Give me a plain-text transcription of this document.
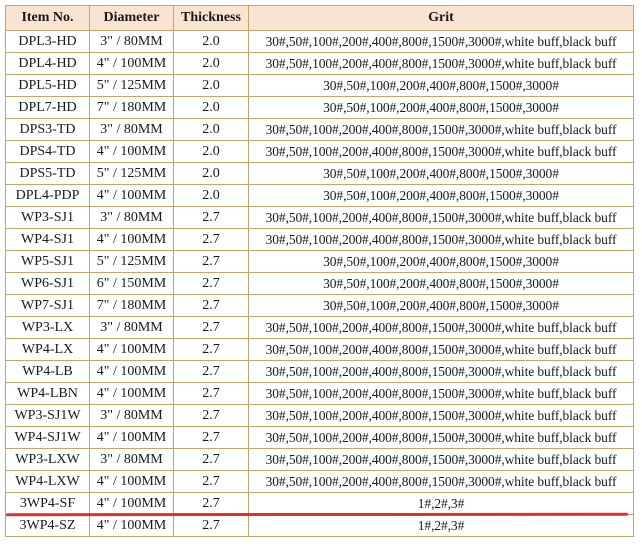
Item No.	Diameter	Thickness	Grit
DPL3-HD	3" / 80MM	2.0	30#,50#,100#,200#,400#,800#,1500#,3000#,white buff,black buff
DPL4-HD	4" / 100MM	2.0	30#,50#,100#,200#,400#,800#,1500#,3000#,white buff,black buff
DPL5-HD	5" / 125MM	2.0	30#,50#,100#,200#,400#,800#,1500#,3000#
DPL7-HD	7" / 180MM	2.0	30#,50#,100#,200#,400#,800#,1500#,3000#
DPS3-TD	3" / 80MM	2.0	30#,50#,100#,200#,400#,800#,1500#,3000#,white buff,black buff
DPS4-TD	4" / 100MM	2.0	30#,50#,100#,200#,400#,800#,1500#,3000#,white buff,black buff
DPS5-TD	5" / 125MM	2.0	30#,50#,100#,200#,400#,800#,1500#,3000#
DPL4-PDP	4" / 100MM	2.0	30#,50#,100#,200#,400#,800#,1500#,3000#
WP3-SJ1	3" / 80MM	2.7	30#,50#,100#,200#,400#,800#,1500#,3000#,white buff,black buff
WP4-SJ1	4" / 100MM	2.7	30#,50#,100#,200#,400#,800#,1500#,3000#,white buff,black buff
WP5-SJ1	5" / 125MM	2.7	30#,50#,100#,200#,400#,800#,1500#,3000#
WP6-SJ1	6" / 150MM	2.7	30#,50#,100#,200#,400#,800#,1500#,3000#
WP7-SJ1	7" / 180MM	2.7	30#,50#,100#,200#,400#,800#,1500#,3000#
WP3-LX	3" / 80MM	2.7	30#,50#,100#,200#,400#,800#,1500#,3000#,white buff,black buff
WP4-LX	4" / 100MM	2.7	30#,50#,100#,200#,400#,800#,1500#,3000#,white buff,black buff
WP4-LB	4" / 100MM	2.7	30#,50#,100#,200#,400#,800#,1500#,3000#,white buff,black buff
WP4-LBN	4" / 100MM	2.7	30#,50#,100#,200#,400#,800#,1500#,3000#,white buff,black buff
WP3-SJ1W	3" / 80MM	2.7	30#,50#,100#,200#,400#,800#,1500#,3000#,white buff,black buff
WP4-SJ1W	4" / 100MM	2.7	30#,50#,100#,200#,400#,800#,1500#,3000#,white buff,black buff
WP3-LXW	3" / 80MM	2.7	30#,50#,100#,200#,400#,800#,1500#,3000#,white buff,black buff
WP4-LXW	4" / 100MM	2.7	30#,50#,100#,200#,400#,800#,1500#,3000#,white buff,black buff
3WP4-SF	4" / 100MM	2.7	1#,2#,3#
3WP4-SZ	4" / 100MM	2.7	1#,2#,3#
